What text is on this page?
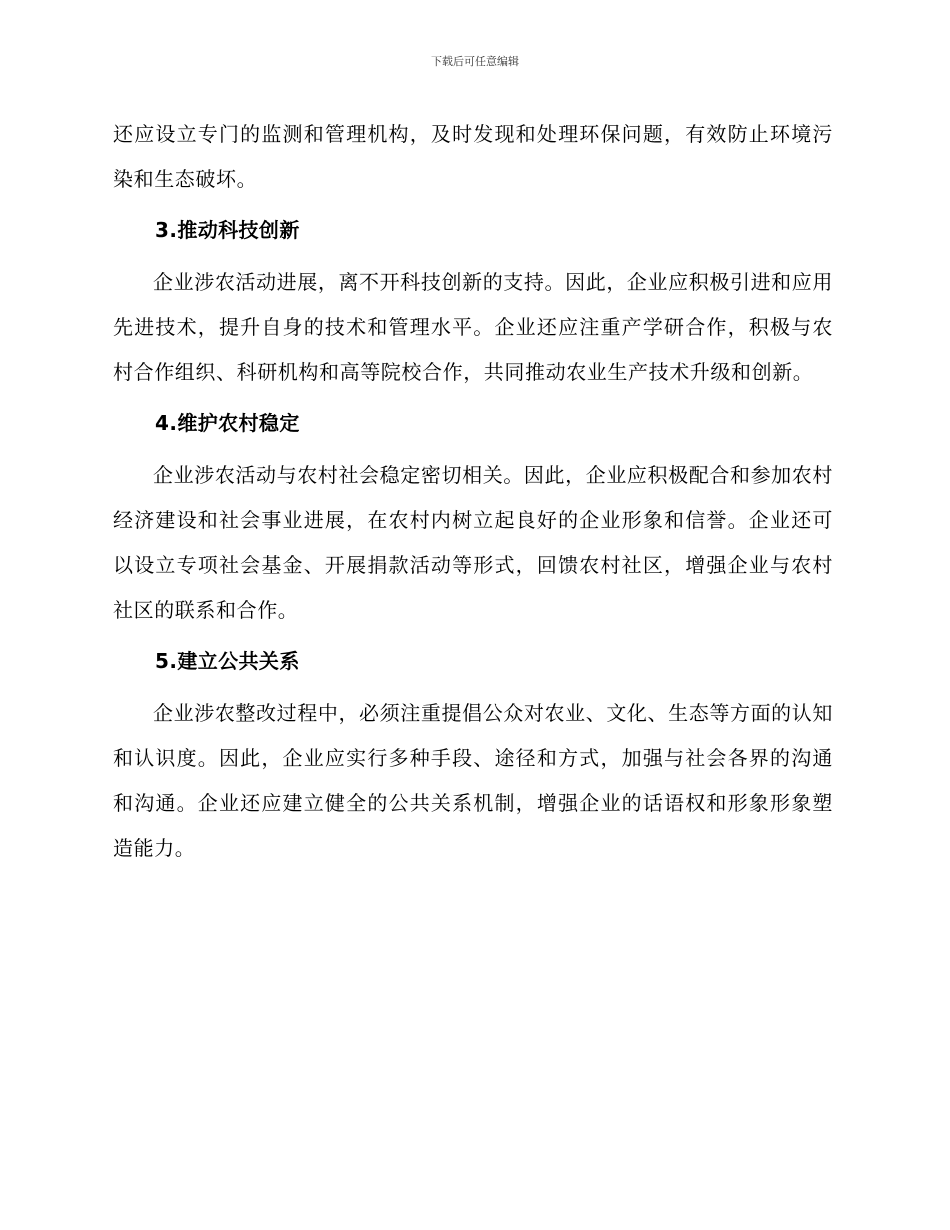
下载后可任意编辑

还应设立专门的监测和管理机构，及时发现和处理环保问题，有效防止环境污染和生态破坏。

3.推动科技创新

企业涉农活动进展，离不开科技创新的支持。因此，企业应积极引进和应用先进技术，提升自身的技术和管理水平。企业还应注重产学研合作，积极与农村合作组织、科研机构和高等院校合作，共同推动农业生产技术升级和创新。

4.维护农村稳定

企业涉农活动与农村社会稳定密切相关。因此，企业应积极配合和参加农村经济建设和社会事业进展，在农村内树立起良好的企业形象和信誉。企业还可以设立专项社会基金、开展捐款活动等形式，回馈农村社区，增强企业与农村社区的联系和合作。

5.建立公共关系

企业涉农整改过程中，必须注重提倡公众对农业、文化、生态等方面的认知和认识度。因此，企业应实行多种手段、途径和方式，加强与社会各界的沟通和沟通。企业还应建立健全的公共关系机制，增强企业的话语权和形象形象塑造能力。
